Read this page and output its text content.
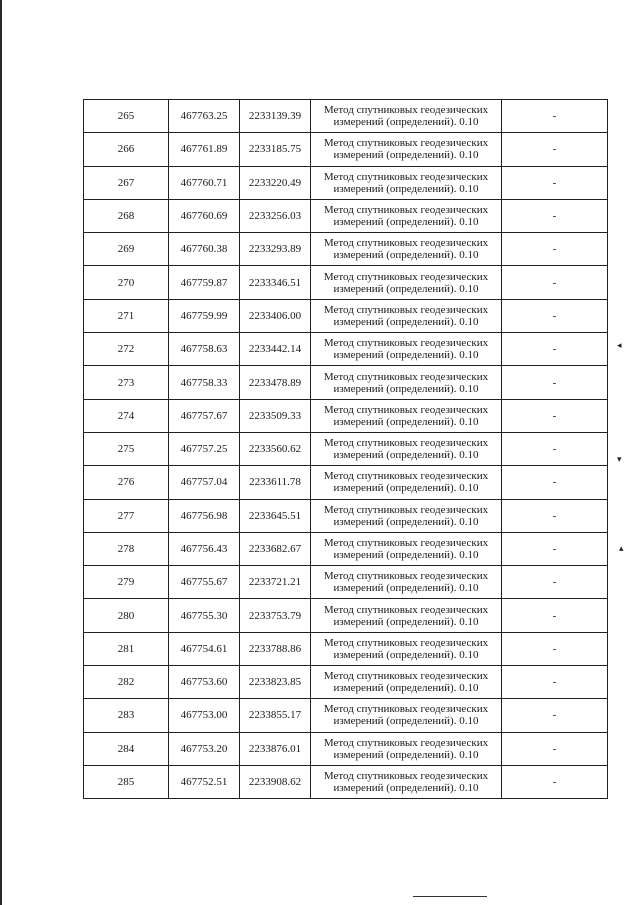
265	467763.25	2233139.39	Метод спутниковых геодезических
измерений (определений). 0.10	-
266	467761.89	2233185.75	Метод спутниковых геодезических
измерений (определений). 0.10	-
267	467760.71	2233220.49	Метод спутниковых геодезических
измерений (определений). 0.10	-
268	467760.69	2233256.03	Метод спутниковых геодезических
измерений (определений). 0.10	-
269	467760.38	2233293.89	Метод спутниковых геодезических
измерений (определений). 0.10	-
270	467759.87	2233346.51	Метод спутниковых геодезических
измерений (определений). 0.10	-
271	467759.99	2233406.00	Метод спутниковых геодезических
измерений (определений). 0.10	-
272	467758.63	2233442.14	Метод спутниковых геодезических
измерений (определений). 0.10	-
273	467758.33	2233478.89	Метод спутниковых геодезических
измерений (определений). 0.10	-
274	467757.67	2233509.33	Метод спутниковых геодезических
измерений (определений). 0.10	-
275	467757.25	2233560.62	Метод спутниковых геодезических
измерений (определений). 0.10	-
276	467757.04	2233611.78	Метод спутниковых геодезических
измерений (определений). 0.10	-
277	467756.98	2233645.51	Метод спутниковых геодезических
измерений (определений). 0.10	-
278	467756.43	2233682.67	Метод спутниковых геодезических
измерений (определений). 0.10	-
279	467755.67	2233721.21	Метод спутниковых геодезических
измерений (определений). 0.10	-
280	467755.30	2233753.79	Метод спутниковых геодезических
измерений (определений). 0.10	-
281	467754.61	2233788.86	Метод спутниковых геодезических
измерений (определений). 0.10	-
282	467753.60	2233823.85	Метод спутниковых геодезических
измерений (определений). 0.10	-
283	467753.00	2233855.17	Метод спутниковых геодезических
измерений (определений). 0.10	-
284	467753.20	2233876.01	Метод спутниковых геодезических
измерений (определений). 0.10	-
285	467752.51	2233908.62	Метод спутниковых геодезических
измерений (определений). 0.10	-
◂
▾
▴
